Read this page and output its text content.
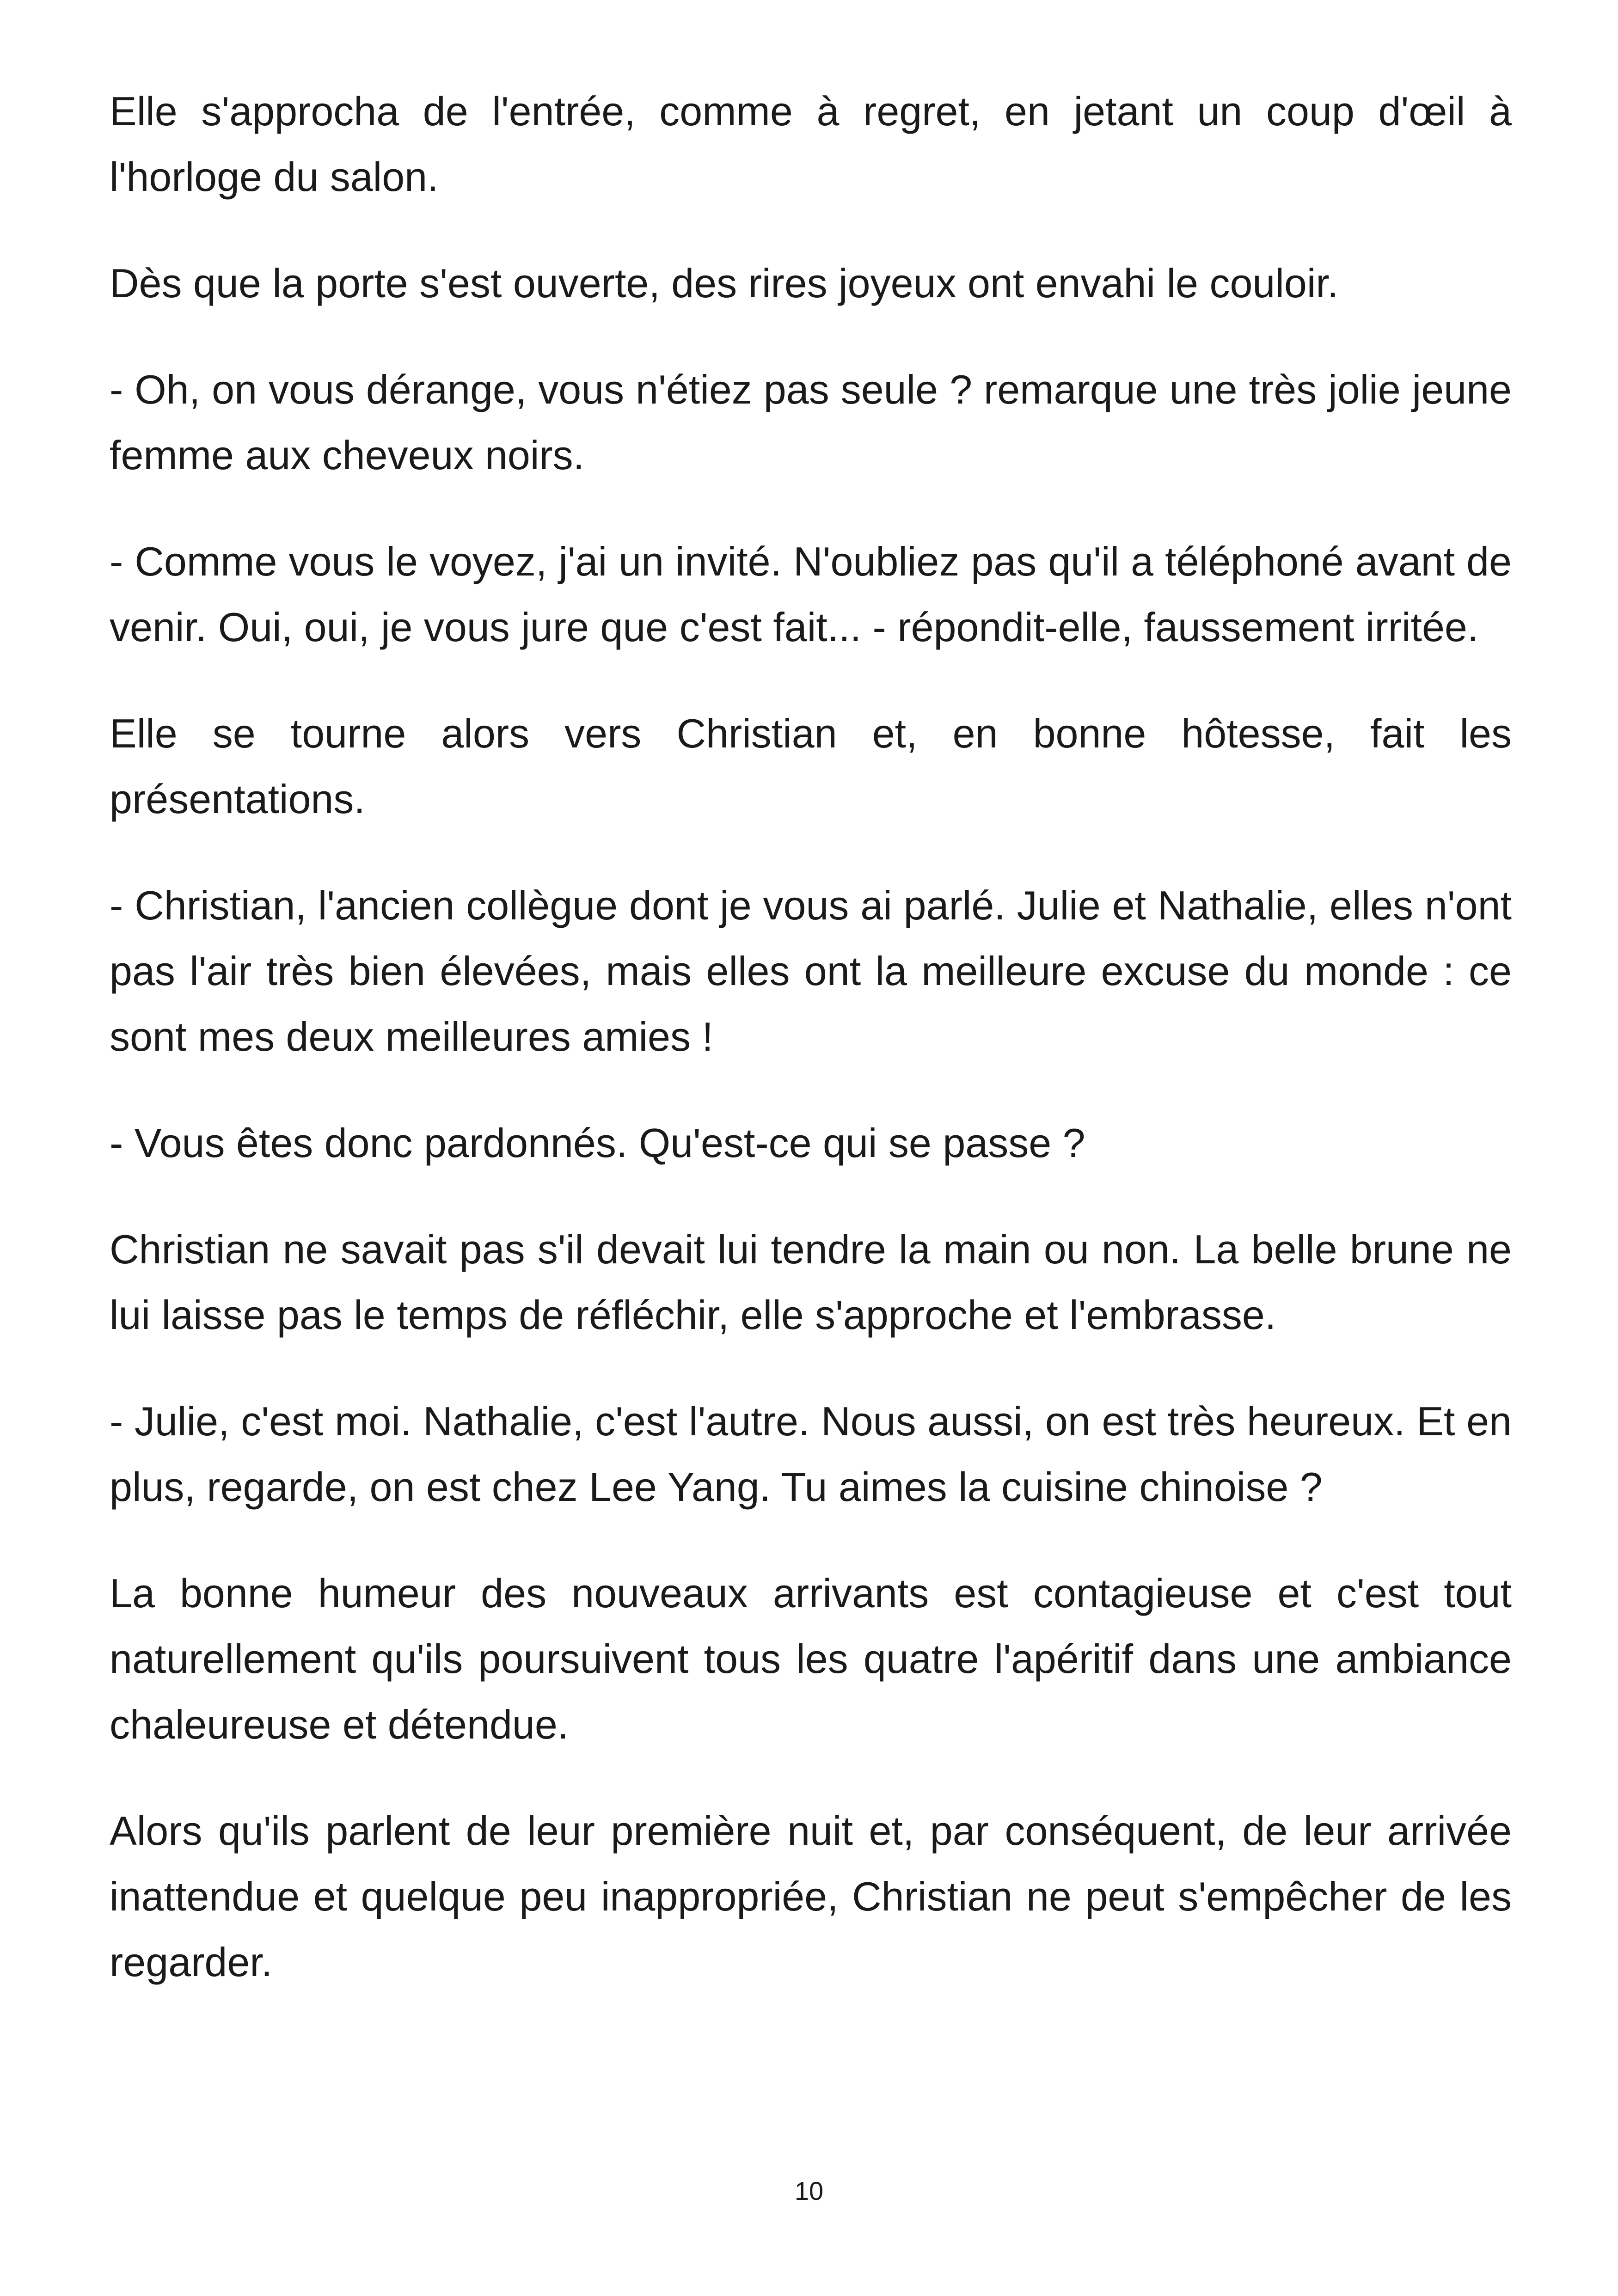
Elle s'approcha de l'entrée, comme à regret, en jetant un coup d'œil à l'horloge du salon.

Dès que la porte s'est ouverte, des rires joyeux ont envahi le couloir.

- Oh, on vous dérange, vous n'étiez pas seule ? remarque une très jolie jeune femme aux cheveux noirs.

- Comme vous le voyez, j'ai un invité. N'oubliez pas qu'il a téléphoné avant de venir. Oui, oui, je vous jure que c'est fait... - répondit-elle, faussement irritée.

Elle se tourne alors vers Christian et, en bonne hôtesse, fait les présentations.

- Christian, l'ancien collègue dont je vous ai parlé. Julie et Nathalie, elles n'ont pas l'air très bien élevées, mais elles ont la meilleure excuse du monde : ce sont mes deux meilleures amies !

- Vous êtes donc pardonnés. Qu'est-ce qui se passe ?

Christian ne savait pas s'il devait lui tendre la main ou non. La belle brune ne lui laisse pas le temps de réfléchir, elle s'approche et l'embrasse.

- Julie, c'est moi. Nathalie, c'est l'autre. Nous aussi, on est très heureux. Et en plus, regarde, on est chez Lee Yang. Tu aimes la cuisine chinoise ?

La bonne humeur des nouveaux arrivants est contagieuse et c'est tout naturellement qu'ils poursuivent tous les quatre l'apéritif dans une ambiance chaleureuse et détendue.

Alors qu'ils parlent de leur première nuit et, par conséquent, de leur arrivée inattendue et quelque peu inappropriée, Christian ne peut s'empêcher de les regarder.

10
